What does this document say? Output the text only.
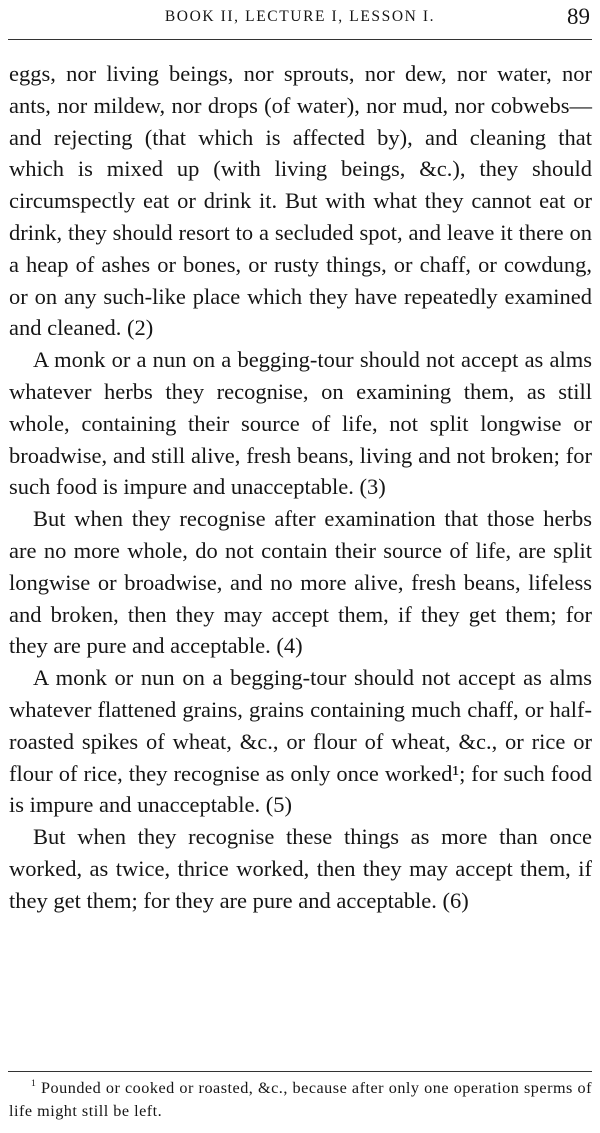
BOOK II, LECTURE I, LESSON I.	89

eggs, nor living beings, nor sprouts, nor dew, nor water, nor ants, nor mildew, nor drops (of water), nor mud, nor cobwebs—and rejecting (that which is affected by), and cleaning that which is mixed up (with living beings, &c.), they should circumspectly eat or drink it. But with what they cannot eat or drink, they should resort to a secluded spot, and leave it there on a heap of ashes or bones, or rusty things, or chaff, or cowdung, or on any such-like place which they have repeatedly examined and cleaned. (2)

A monk or a nun on a begging-tour should not accept as alms whatever herbs they recognise, on examining them, as still whole, containing their source of life, not split longwise or broadwise, and still alive, fresh beans, living and not broken; for such food is impure and unacceptable. (3)

But when they recognise after examination that those herbs are no more whole, do not contain their source of life, are split longwise or broadwise, and no more alive, fresh beans, lifeless and broken, then they may accept them, if they get them; for they are pure and acceptable. (4)

A monk or nun on a begging-tour should not accept as alms whatever flattened grains, grains containing much chaff, or half-roasted spikes of wheat, &c., or flour of wheat, &c., or rice or flour of rice, they recognise as only once worked¹; for such food is impure and unacceptable. (5)

But when they recognise these things as more than once worked, as twice, thrice worked, then they may accept them, if they get them; for they are pure and acceptable. (6)

$^1$ Pounded or cooked or roasted, &c., because after only one operation sperms of life might still be left.
